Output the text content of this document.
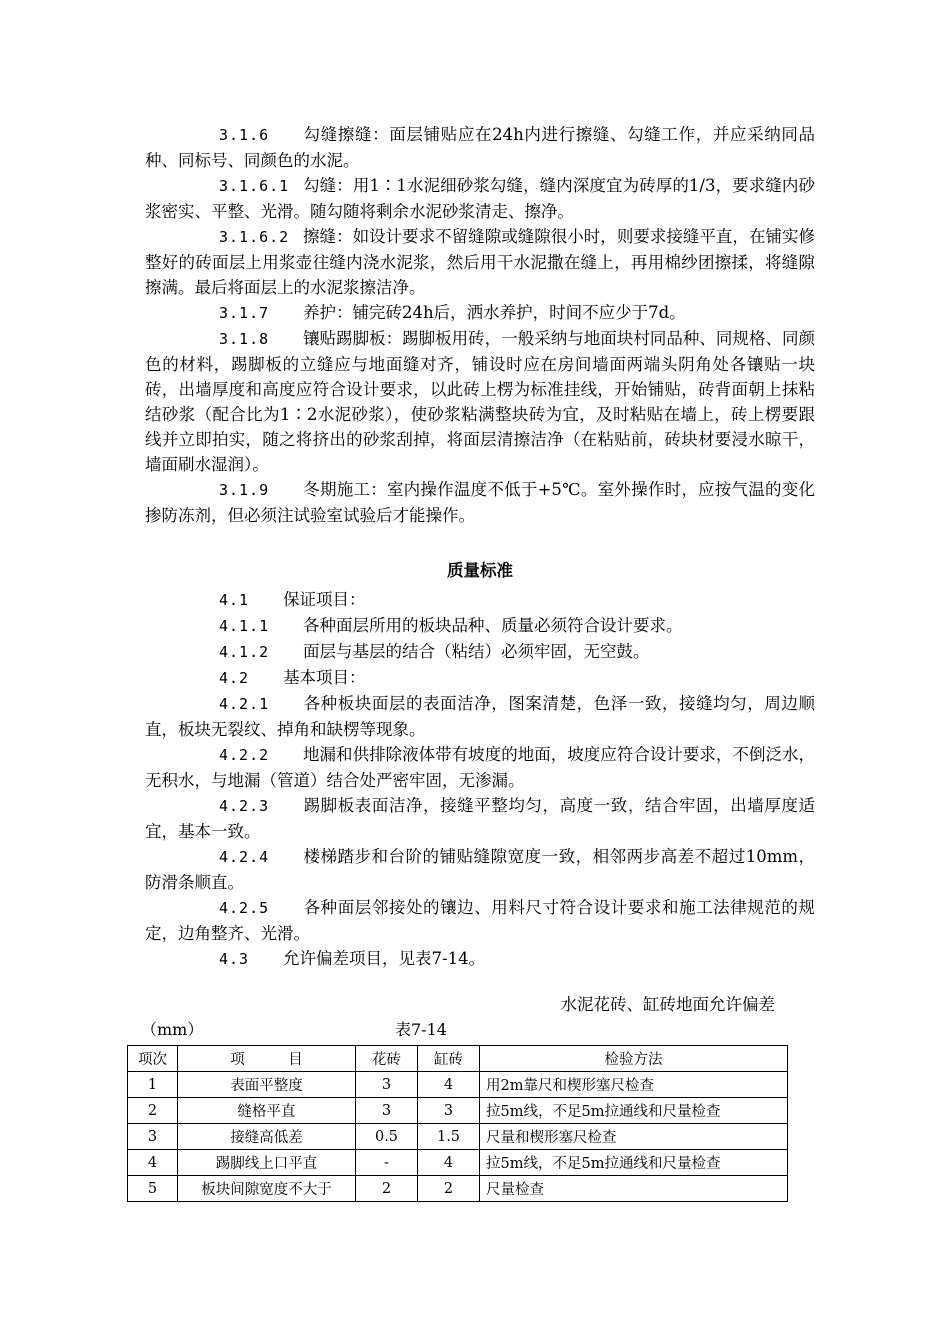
3.1.6 勾缝擦缝：面层铺贴应在24h内进行擦缝、勾缝工作，并应采纳同品种、同标号、同颜色的水泥。

3.1.6.1 勾缝：用1∶1水泥细砂浆勾缝，缝内深度宜为砖厚的1/3，要求缝内砂浆密实、平整、光滑。随勾随将剩余水泥砂浆清走、擦净。

3.1.6.2 擦缝：如设计要求不留缝隙或缝隙很小时，则要求接缝平直，在铺实修整好的砖面层上用浆壶往缝内浇水泥浆，然后用干水泥撒在缝上，再用棉纱团擦揉，将缝隙擦满。最后将面层上的水泥浆擦洁净。

3.1.7 养护：铺完砖24h后，洒水养护，时间不应少于7d。

3.1.8 镶贴踢脚板：踢脚板用砖，一般采纳与地面块村同品种、同规格、同颜色的材料，踢脚板的立缝应与地面缝对齐，铺设时应在房间墙面两端头阴角处各镶贴一块砖，出墙厚度和高度应符合设计要求，以此砖上楞为标准挂线，开始铺贴，砖背面朝上抹粘结砂浆（配合比为1∶2水泥砂浆），使砂浆粘满整块砖为宜，及时粘贴在墙上，砖上楞要跟线并立即拍实，随之将挤出的砂浆刮掉，将面层清擦洁净（在粘贴前，砖块材要浸水晾干，墙面刷水湿润）。

3.1.9 冬期施工：室内操作温度不低于+5℃。室外操作时，应按气温的变化掺防冻剂，但必须注试验室试验后才能操作。

质量标准

4.1 保证项目：

4.1.1 各种面层所用的板块品种、质量必须符合设计要求。

4.1.2 面层与基层的结合（粘结）必须牢固，无空鼓。

4.2 基本项目：

4.2.1 各种板块面层的表面洁净，图案清楚，色泽一致，接缝均匀，周边顺直，板块无裂纹、掉角和缺楞等现象。

4.2.2 地漏和供排除液体带有坡度的地面，坡度应符合设计要求，不倒泛水，无积水，与地漏（管道）结合处严密牢固，无渗漏。

4.2.3 踢脚板表面洁净，接缝平整均匀，高度一致，结合牢固，出墙厚度适宜，基本一致。

4.2.4 楼梯踏步和台阶的铺贴缝隙宽度一致，相邻两步高差不超过10mm，防滑条顺直。

4.2.5 各种面层邻接处的镶边、用料尺寸符合设计要求和施工法律规范的规定，边角整齐、光滑。

4.3 允许偏差项目，见表7-14。

水泥花砖、缸砖地面允许偏差
（mm）	表7-14
项次	项　　　目	花砖	缸砖	检验方法
1	表面平整度	3	4	用2m靠尺和楔形塞尺检查
2	缝格平直	3	3	拉5m线，不足5m拉通线和尺量检查
3	接缝高低差	0.5	1.5	尺量和楔形塞尺检查
4	踢脚线上口平直	-	4	拉5m线，不足5m拉通线和尺量检查
5	板块间隙宽度不大于	2	2	尺量检查
